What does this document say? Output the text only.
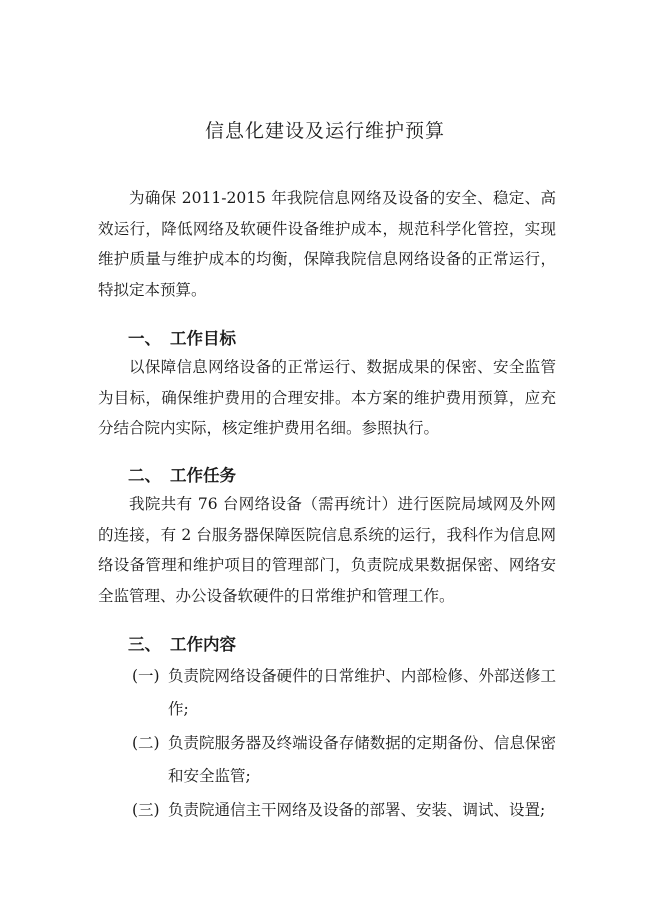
信息化建设及运行维护预算

为确保 2011-2015 年我院信息网络及设备的安全、稳定、高效运行，降低网络及软硬件设备维护成本，规范科学化管控，实现维护质量与维护成本的均衡，保障我院信息网络设备的正常运行，特拟定本预算。

一、 工作目标

以保障信息网络设备的正常运行、数据成果的保密、安全监管为目标，确保维护费用的合理安排。本方案的维护费用预算，应充分结合院内实际，核定维护费用名细。参照执行。

二、 工作任务

我院共有 76 台网络设备（需再统计）进行医院局域网及外网的连接，有 2 台服务器保障医院信息系统的运行，我科作为信息网络设备管理和维护项目的管理部门，负责院成果数据保密、网络安全监管理、办公设备软硬件的日常维护和管理工作。

三、 工作内容
(一) 负责院网络设备硬件的日常维护、内部检修、外部送修工作;
(二) 负责院服务器及终端设备存储数据的定期备份、信息保密和安全监管;
(三) 负责院通信主干网络及设备的部署、安装、调试、设置;
